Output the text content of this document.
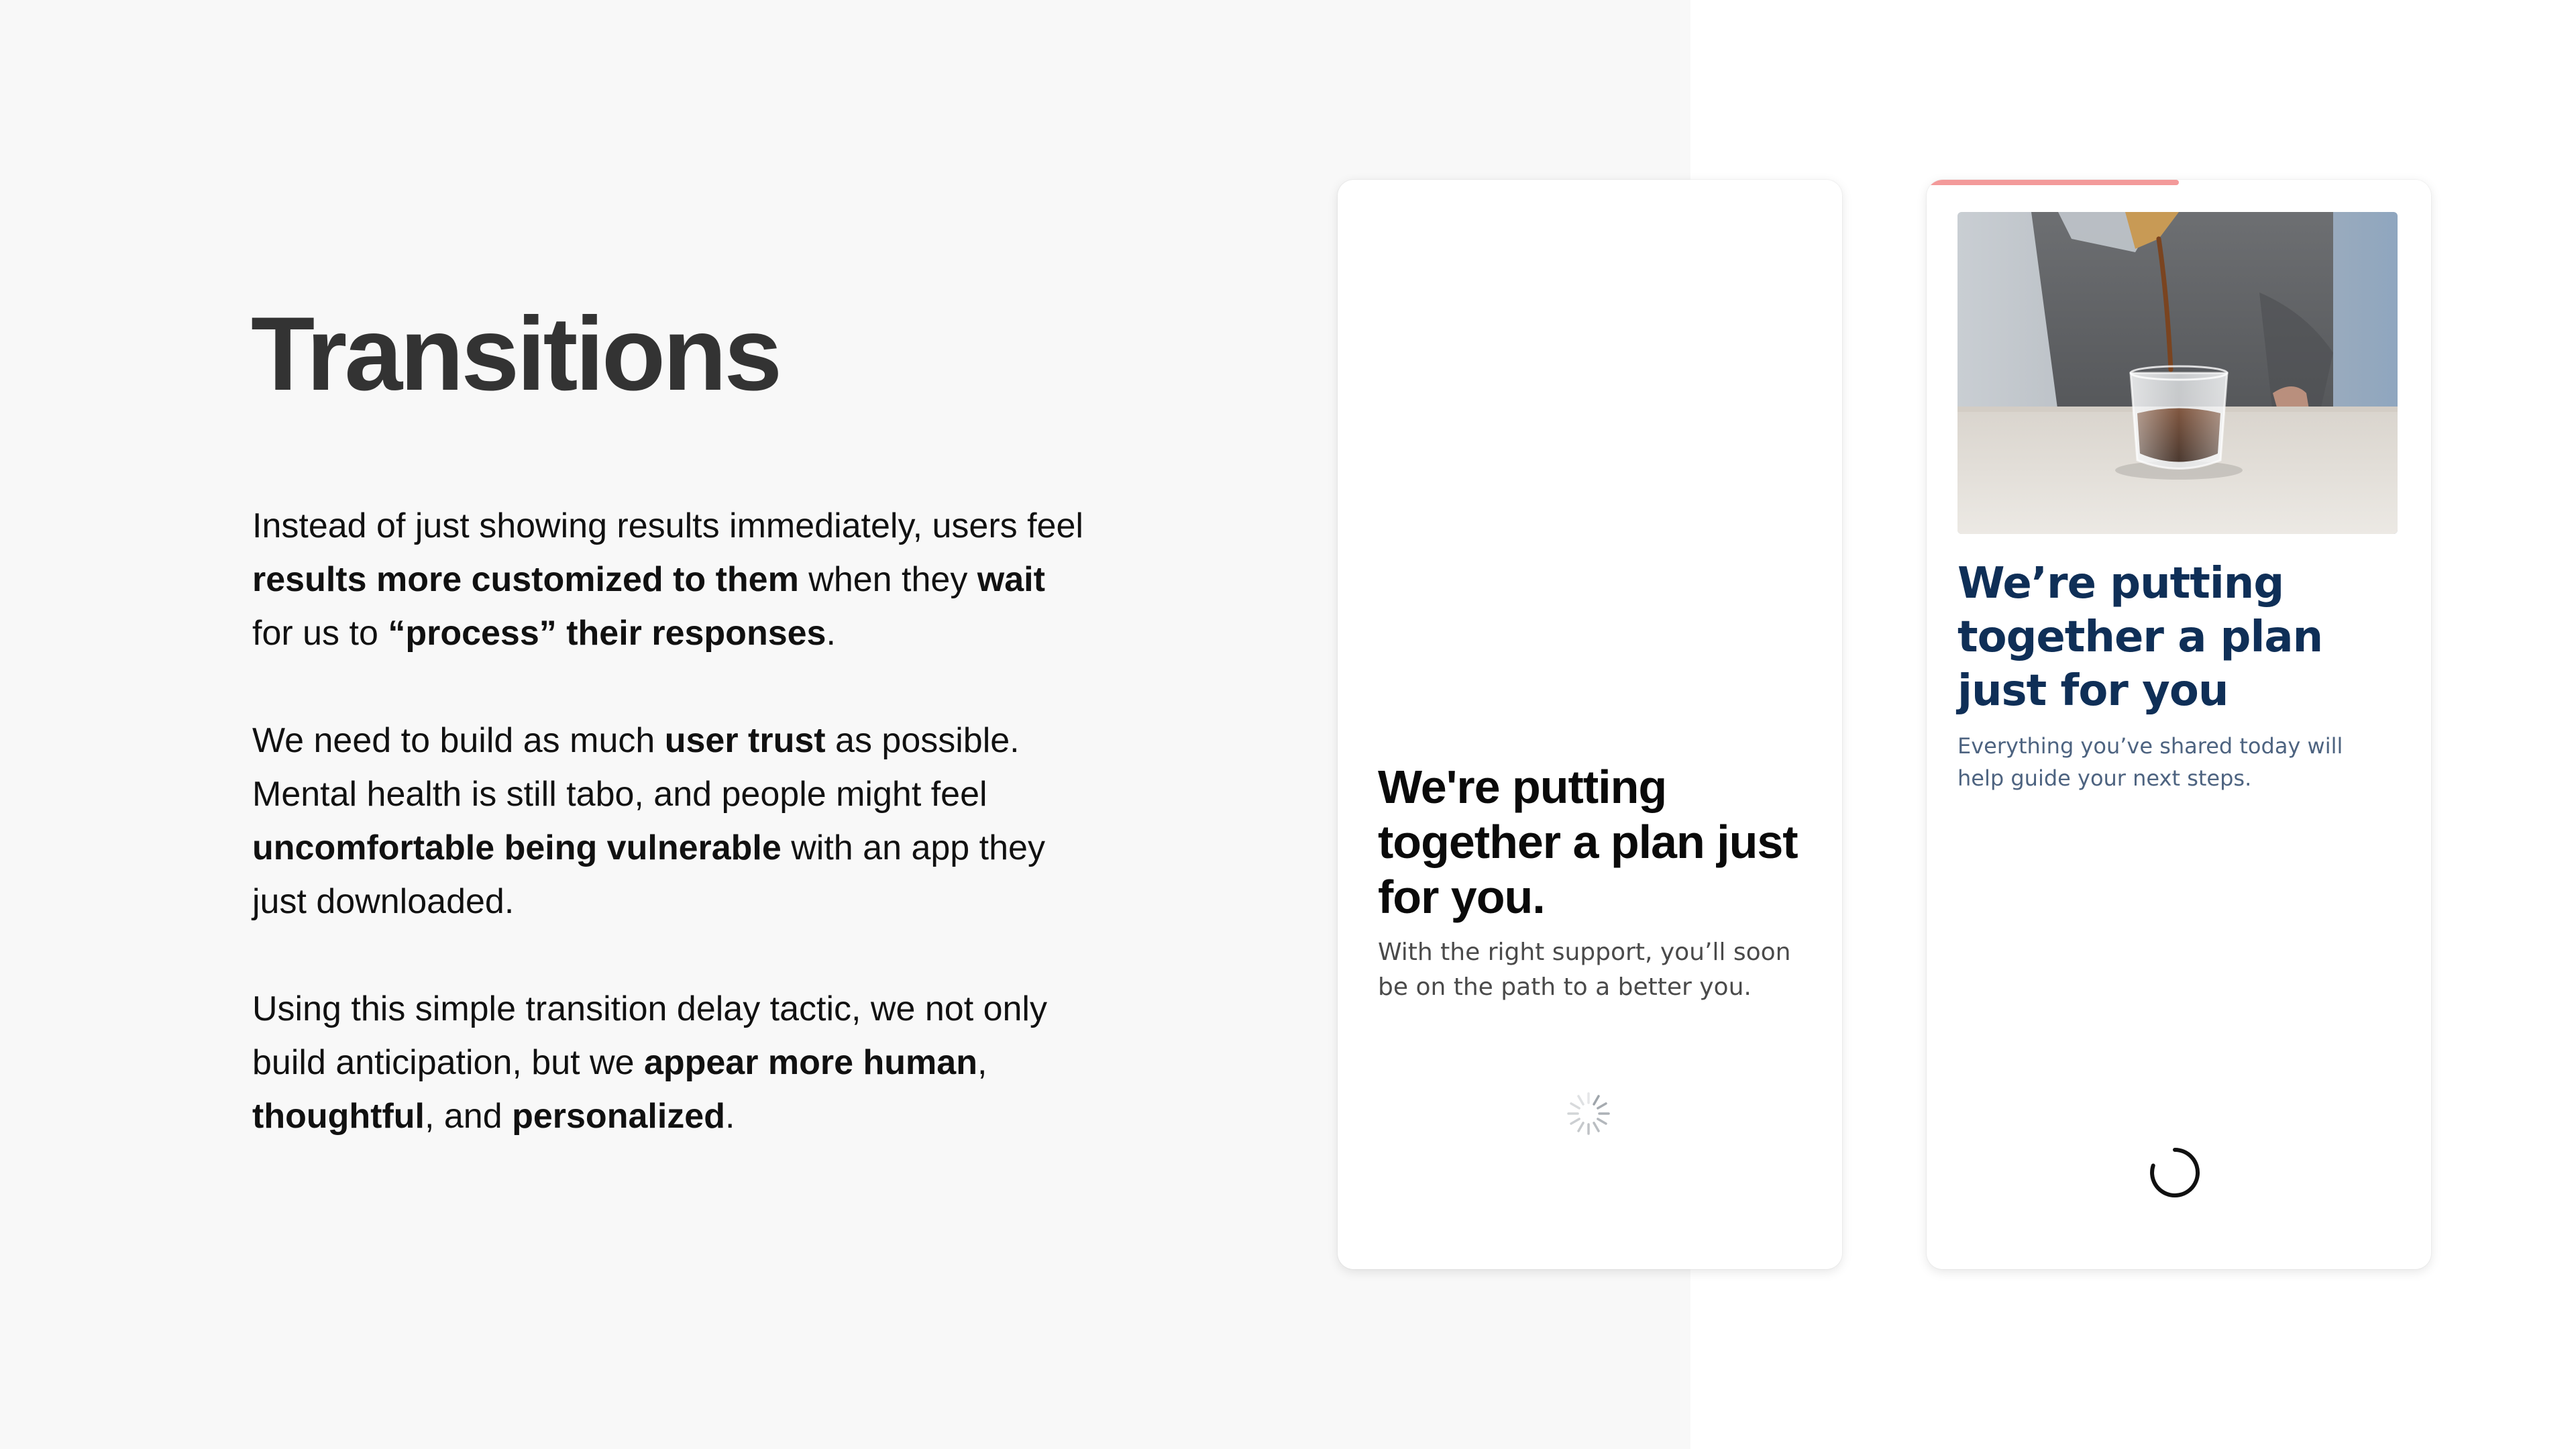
Transitions

Instead of just showing results immediately, users feel results more customized to them when they wait for us to “process” their responses.

We need to build as much user trust as possible. Mental health is still tabo, and people might feel uncomfortable being vulnerable with an app they just downloaded.

Using this simple transition delay tactic, we not only build anticipation, but we appear more human, thoughtful, and personalized.

We're putting together a plan just for you.
With the right support, you’ll soon be on the path to a better you.
We’re putting together a plan just for you
Everything you’ve shared today will help guide your next steps.
